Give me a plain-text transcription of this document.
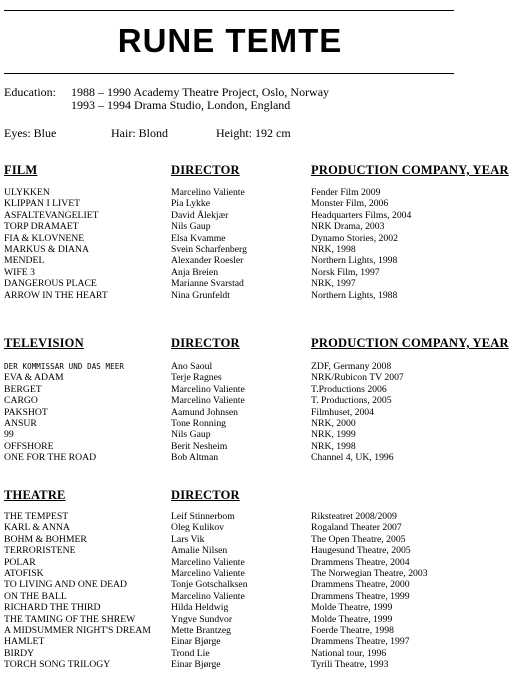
RUNE TEMTE
Education: 1988 – 1990 Academy Theatre Project, Oslo, Norway
1993 – 1994 Drama Studio, London, England
Eyes: Blue	Hair: Blond	Height: 192 cm
FILM	DIRECTOR	PRODUCTION COMPANY, YEAR
ULYKKEN	Marcelino Valiente	Fender Film 2009
KLIPPAN I LIVET	Pia Lykke	Monster Film, 2006
ASFALTEVANGELIET	David Ålekjær	Headquarters Films, 2004
TORP DRAMAET	Nils Gaup	NRK Drama, 2003
FIA & KLOVNENE	Elsa Kvamme	Dynamo Stories, 2002
MARKUS & DIANA	Svein Scharfenberg	NRK, 1998
MENDEL	Alexander Roesler	Northern Lights, 1998
WIFE 3	Anja Breien	Norsk Film, 1997
DANGEROUS PLACE	Marianne Svarstad	NRK, 1997
ARROW IN THE HEART	Nina Grunfeldt	Northern Lights, 1988
TELEVISION	DIRECTOR	PRODUCTION COMPANY, YEAR
DER KOMMISSAR UND DAS MEER	Ano Saoul	ZDF, Germany 2008
EVA & ADAM	Terje Ragnes	NRK/Rubicon TV 2007
BERGET	Marcelino Valiente	T.Productions 2006
CARGO	Marcelino Valiente	T. Productions, 2005
PAKSHOT	Aamund Johnsen	Filmhuset, 2004
ANSUR	Tone Ronning	NRK, 2000
99	Nils Gaup	NRK, 1999
OFFSHORE	Berit Nesheim	NRK, 1998
ONE FOR THE ROAD	Bob Altman	Channel 4, UK, 1996
THEATRE	DIRECTOR
THE TEMPEST	Leif Stinnerbom	Riksteatret 2008/2009
KARL & ANNA	Oleg Kulikov	Rogaland Theater 2007
BOHM & BOHMER	Lars Vik	The Open Theatre, 2005
TERRORISTENE	Amalie Nilsen	Haugesund Theatre, 2005
POLAR	Marcelino Valiente	Drammens Theatre, 2004
ATOFISK	Marcelino Valiente	The Norwegian Theatre, 2003
TO LIVING AND ONE DEAD	Tonje Gotschalksen	Drammens Theatre, 2000
ON THE BALL	Marcelino Valiente	Drammens Theatre, 1999
RICHARD THE THIRD	Hilda Heldwig	Molde Theatre, 1999
THE TAMING OF THE SHREW	Yngve Sundvor	Molde Theatre, 1999
A MIDSUMMER NIGHT'S DREAM Mette Brantzeg	Foerde Theatre, 1998
HAMLET	Einar Bjørge	Drammens Theatre, 1997
BIRDY	Trond Lie	National tour, 1996
TORCH SONG TRILOGY	Einar Bjørge	Tyrili Theatre, 1993
